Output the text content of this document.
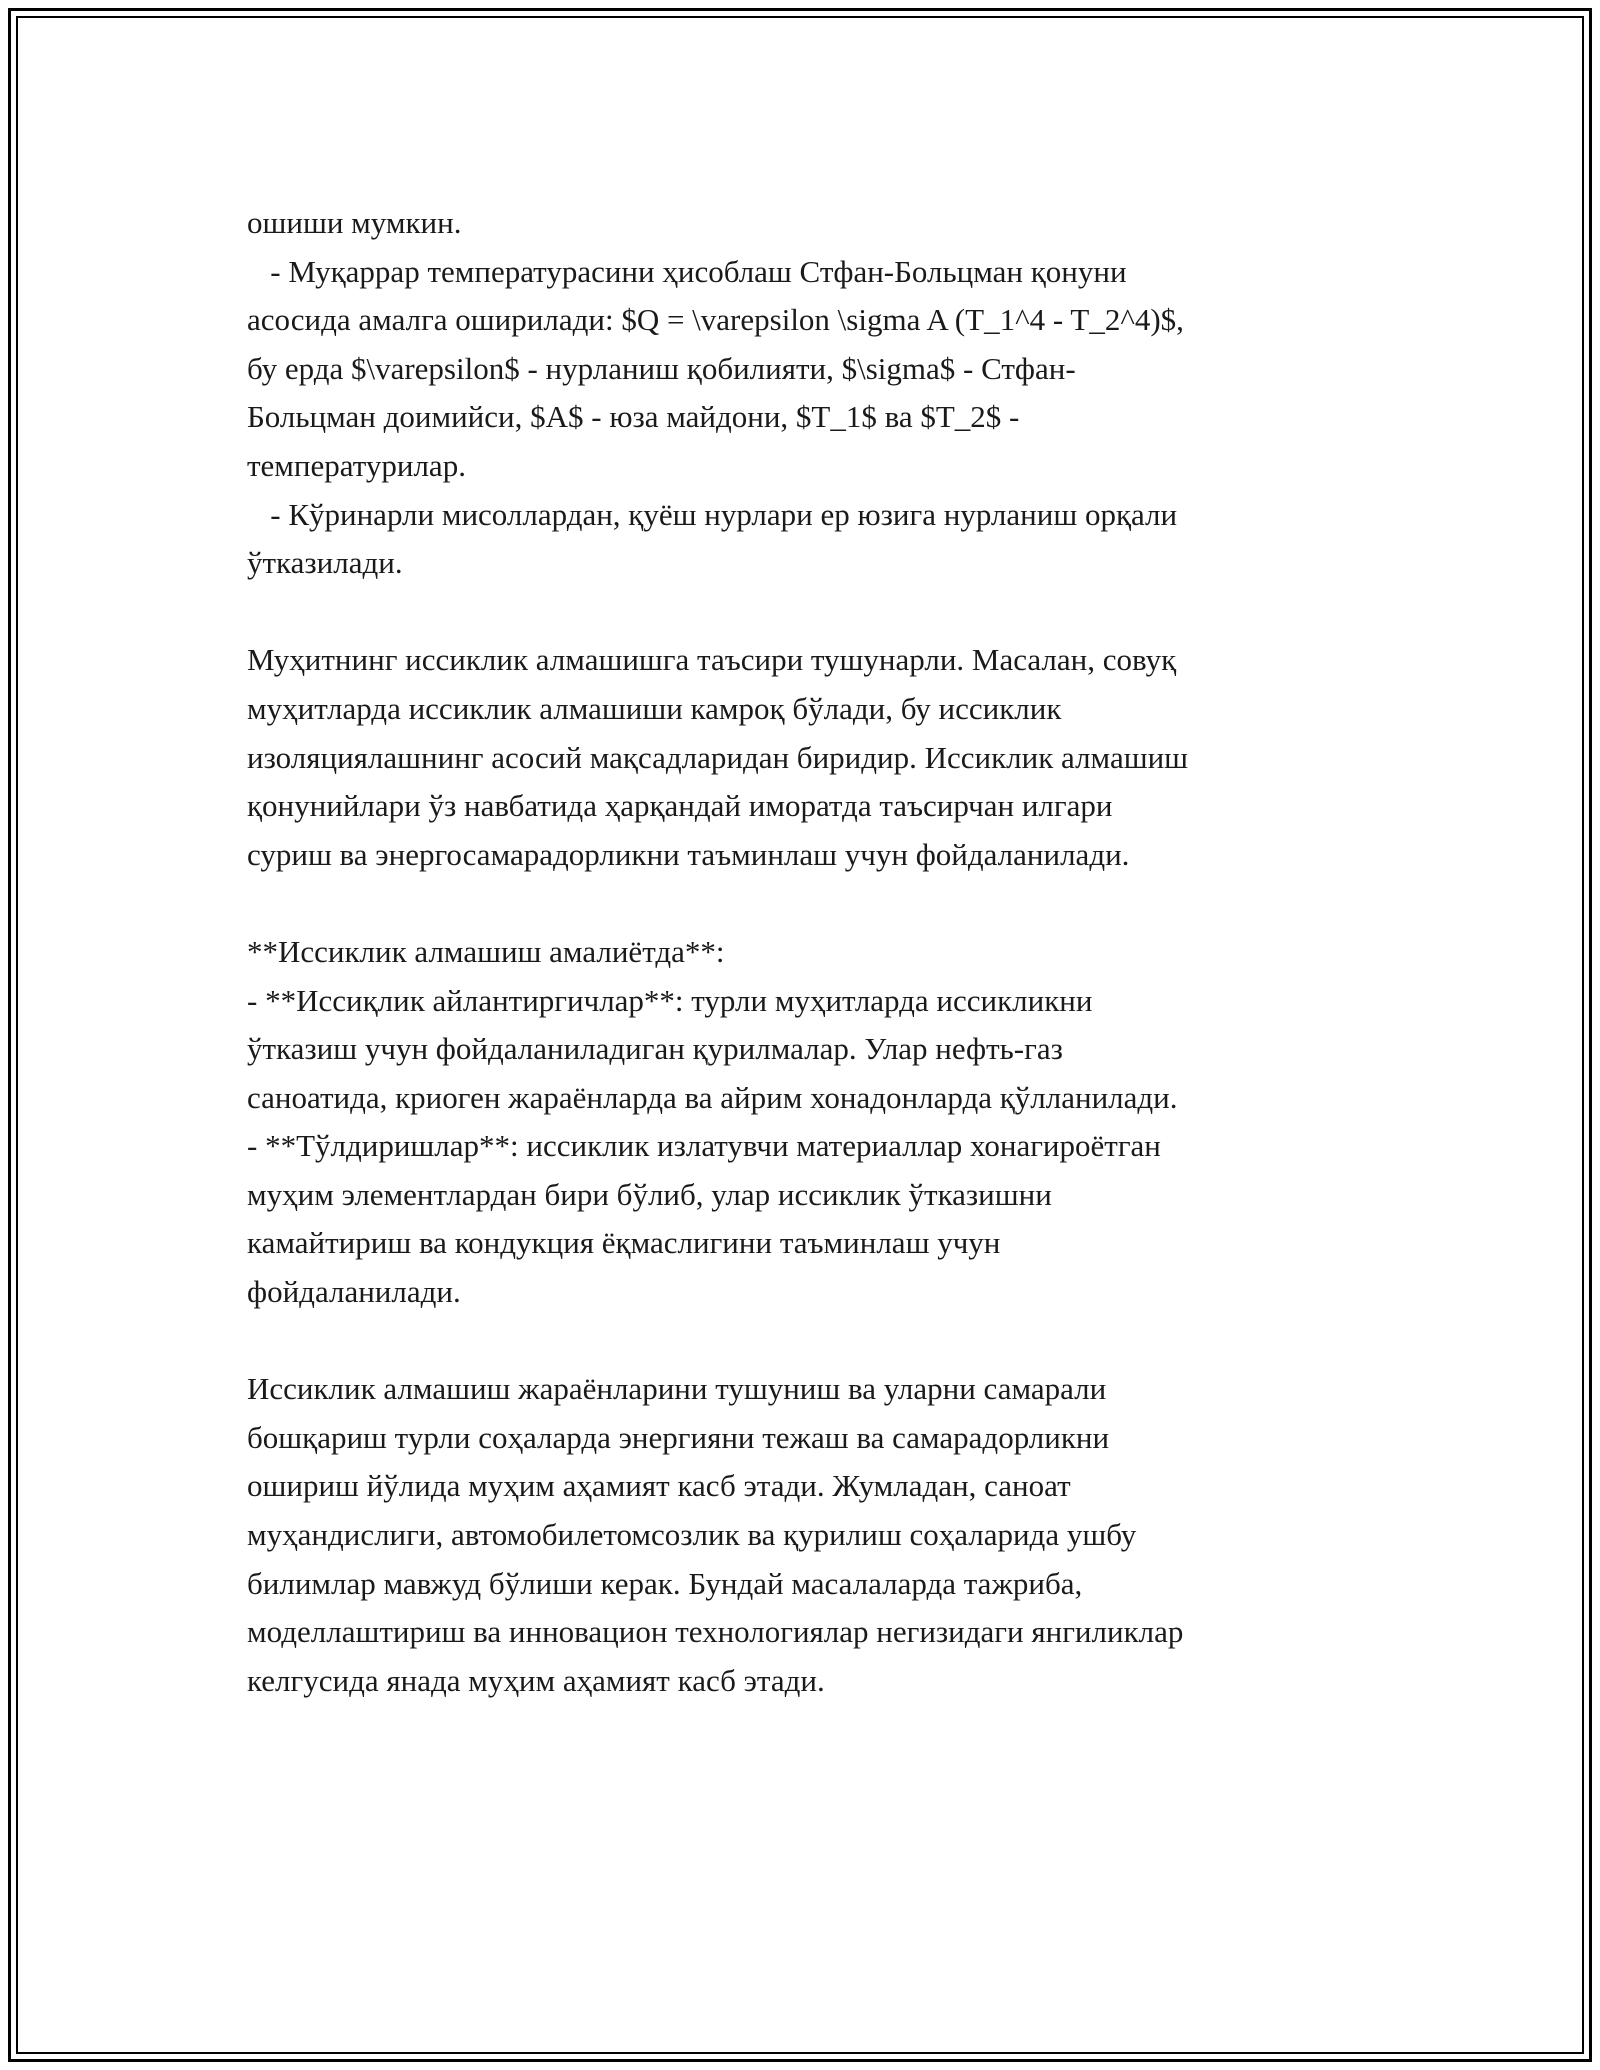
ошиши мумкин.
- Муқаррар температурасини ҳисоблаш Стфан-Больцман қонуни
асосида амалга оширилади: $Q = \varepsilon \sigma A (T_1^4 - T_2^4)$,
бу ерда $\varepsilon$ - нурланиш қобилияти, $\sigma$ - Стфан-
Больцман доимийси, $A$ - юза майдони, $T_1$ ва $T_2$ -
температурилар.
- Кўринарли мисоллардан, қуёш нурлари ер юзига нурланиш орқали
ўтказилади.
Муҳитнинг иссиклик алмашишга таъсири тушунарли. Масалан, совуқ
муҳитларда иссиклик алмашиши камроқ бўлади, бу иссиклик
изоляциялашнинг асосий мақсадларидан биридир. Иссиклик алмашиш
қонунийлари ўз навбатида ҳарқандай иморатда таъсирчан илгари
суриш ва энергосамарадорликни таъминлаш учун фойдаланилади.
**Иссиклик алмашиш амалиётда**:
- **Иссиқлик айлантиргичлар**: турли муҳитларда иссикликни
ўтказиш учун фойдаланиладиган қурилмалар. Улар нефть-газ
саноатида, криоген жараёнларда ва айрим хонадонларда қўлланилади.
- **Тўлдиришлар**: иссиклик излатувчи материаллар хонагироётган
муҳим элементлардан бири бўлиб, улар иссиклик ўтказишни
камайтириш ва кондукция ёқмаслигини таъминлаш учун
фойдаланилади.
Иссиклик алмашиш жараёнларини тушуниш ва уларни самарали
бошқариш турли соҳаларда энергияни тежаш ва самарадорликни
ошириш йўлида муҳим аҳамият касб этади. Жумладан, саноат
муҳандислиги, автомобилетомсозлик ва қурилиш соҳаларида ушбу
билимлар мавжуд бўлиши керак. Бундай масалаларда тажриба,
моделлаштириш ва инновацион технологиялар негизидаги янгиликлар
келгусида янада муҳим аҳамият касб этади.
